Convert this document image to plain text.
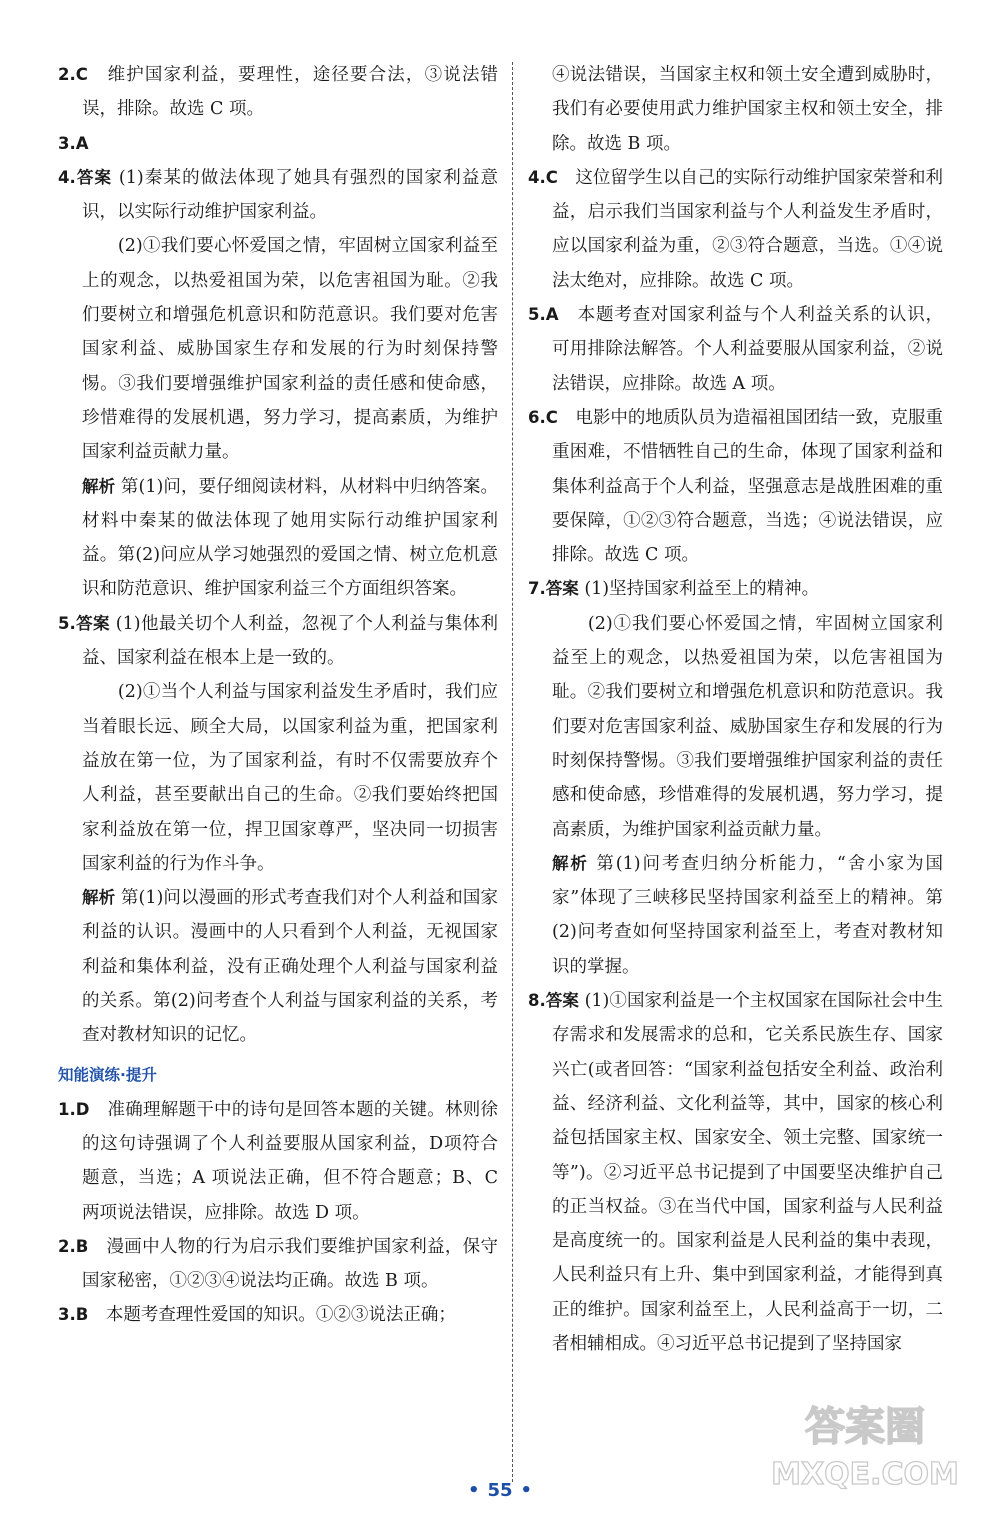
2.C　维护国家利益，要理性，途径要合法，③说法错误，排除。故选 C 项。

3.A

4.答案 (1)秦某的做法体现了她具有强烈的国家利益意识，以实际行动维护国家利益。

(2)①我们要心怀爱国之情，牢固树立国家利益至上的观念，以热爱祖国为荣，以危害祖国为耻。②我们要树立和增强危机意识和防范意识。我们要对危害国家利益、威胁国家生存和发展的行为时刻保持警惕。③我们要增强维护国家利益的责任感和使命感，珍惜难得的发展机遇，努力学习，提高素质，为维护国家利益贡献力量。

解析 第(1)问，要仔细阅读材料，从材料中归纳答案。材料中秦某的做法体现了她用实际行动维护国家利益。第(2)问应从学习她强烈的爱国之情、树立危机意识和防范意识、维护国家利益三个方面组织答案。

5.答案 (1)他最关切个人利益，忽视了个人利益与集体利益、国家利益在根本上是一致的。

(2)①当个人利益与国家利益发生矛盾时，我们应当着眼长远、顾全大局，以国家利益为重，把国家利益放在第一位，为了国家利益，有时不仅需要放弃个人利益，甚至要献出自己的生命。②我们要始终把国家利益放在第一位，捍卫国家尊严，坚决同一切损害国家利益的行为作斗争。

解析 第(1)问以漫画的形式考查我们对个人利益和国家利益的认识。漫画中的人只看到个人利益，无视国家利益和集体利益，没有正确处理个人利益与国家利益的关系。第(2)问考查个人利益与国家利益的关系，考查对教材知识的记忆。

知能演练·提升

1.D　准确理解题干中的诗句是回答本题的关键。林则徐的这句诗强调了个人利益要服从国家利益，D项符合题意，当选；A 项说法正确，但不符合题意；B、C 两项说法错误，应排除。故选 D 项。

2.B　漫画中人物的行为启示我们要维护国家利益，保守国家秘密，①②③④说法均正确。故选 B 项。

3.B　本题考查理性爱国的知识。①②③说法正确；

④说法错误，当国家主权和领土安全遭到威胁时，我们有必要使用武力维护国家主权和领土安全，排除。故选 B 项。

4.C　这位留学生以自己的实际行动维护国家荣誉和利益，启示我们当国家利益与个人利益发生矛盾时，应以国家利益为重，②③符合题意，当选。①④说法太绝对，应排除。故选 C 项。

5.A　本题考查对国家利益与个人利益关系的认识，可用排除法解答。个人利益要服从国家利益，②说法错误，应排除。故选 A 项。

6.C　电影中的地质队员为造福祖国团结一致，克服重重困难，不惜牺牲自己的生命，体现了国家利益和集体利益高于个人利益，坚强意志是战胜困难的重要保障，①②③符合题意，当选；④说法错误，应排除。故选 C 项。

7.答案 (1)坚持国家利益至上的精神。

(2)①我们要心怀爱国之情，牢固树立国家利益至上的观念，以热爱祖国为荣，以危害祖国为耻。②我们要树立和增强危机意识和防范意识。我们要对危害国家利益、威胁国家生存和发展的行为时刻保持警惕。③我们要增强维护国家利益的责任感和使命感，珍惜难得的发展机遇，努力学习，提高素质，为维护国家利益贡献力量。

解析 第(1)问考查归纳分析能力，“舍小家为国家”体现了三峡移民坚持国家利益至上的精神。第(2)问考查如何坚持国家利益至上，考查对教材知识的掌握。

8.答案 (1)①国家利益是一个主权国家在国际社会中生存需求和发展需求的总和，它关系民族生存、国家兴亡(或者回答：“国家利益包括安全利益、政治利益、经济利益、文化利益等，其中，国家的核心利益包括国家主权、国家安全、领土完整、国家统一等”)。②习近平总书记提到了中国要坚决维护自己的正当权益。③在当代中国，国家利益与人民利益是高度统一的。国家利益是人民利益的集中表现，人民利益只有上升、集中到国家利益，才能得到真正的维护。国家利益至上，人民利益高于一切，二者相辅相成。④习近平总书记提到了坚持国家

• 55 •
答案圈
MXQE.COM
